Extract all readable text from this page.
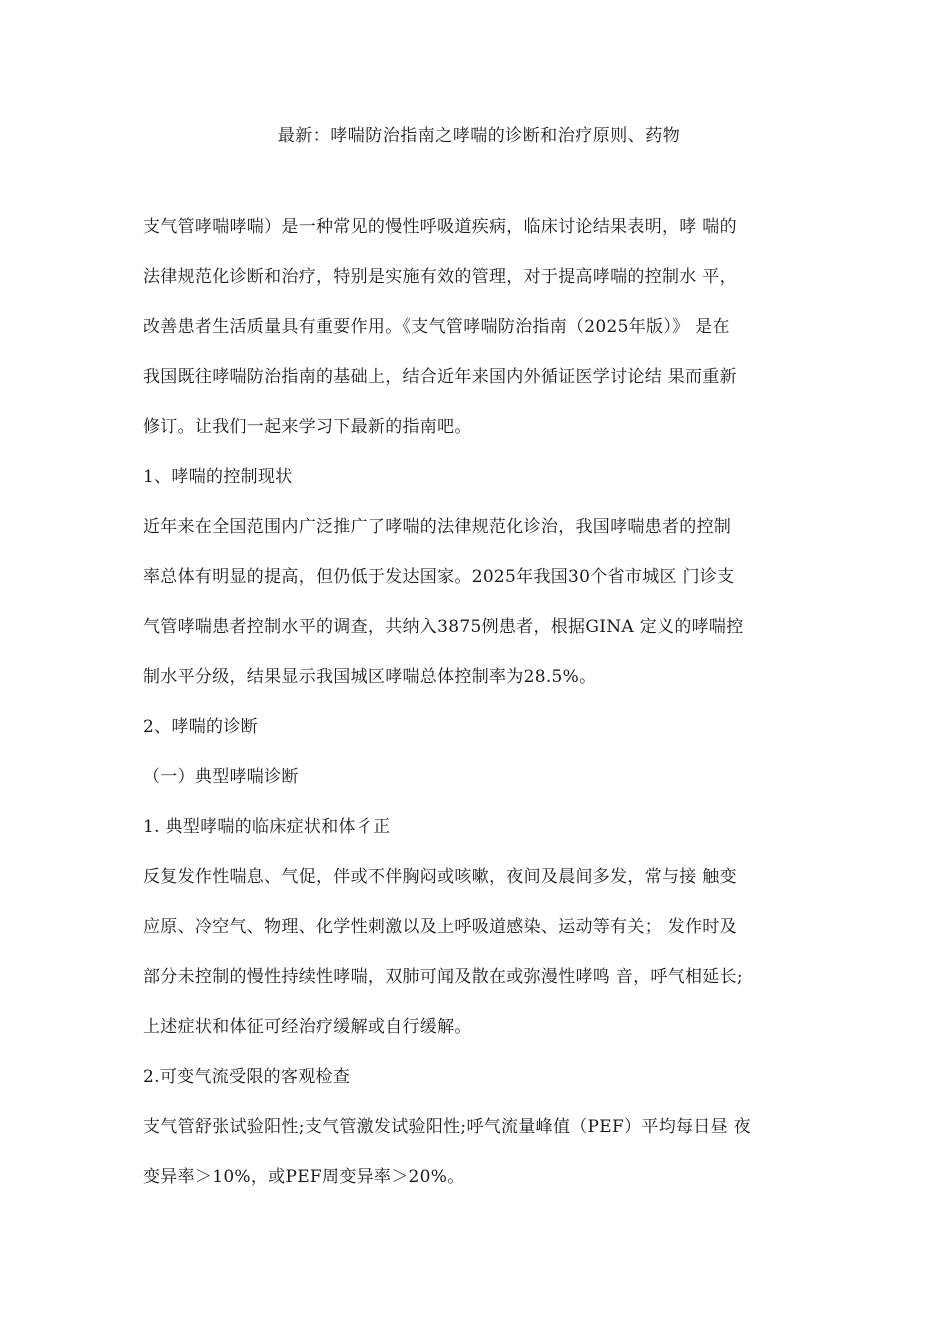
最新：哮喘防治指南之哮喘的诊断和治疗原则、药物
支气管哮喘哮喘）是一种常见的慢性呼吸道疾病，临床讨论结果表明，哮 喘的
法律规范化诊断和治疗，特别是实施有效的管理，对于提高哮喘的控制水 平，
改善患者生活质量具有重要作用。《支气管哮喘防治指南（2025年版）》 是在
我国既往哮喘防治指南的基础上，结合近年来国内外循证医学讨论结 果而重新
修订。让我们一起来学习下最新的指南吧。
1、哮喘的控制现状
近年来在全国范围内广泛推广了哮喘的法律规范化诊治，我国哮喘患者的控制
率总体有明显的提高，但仍低于发达国家。2025年我国30个省市城区 门诊支
气管哮喘患者控制水平的调查，共纳入3875例患者，根据GINA 定义的哮喘控
制水平分级，结果显示我国城区哮喘总体控制率为28.5%。
2、哮喘的诊断
（一）典型哮喘诊断
1. 典型哮喘的临床症状和体彳正
反复发作性喘息、气促，伴或不伴胸闷或咳嗽，夜间及晨间多发，常与接 触变
应原、冷空气、物理、化学性刺激以及上呼吸道感染、运动等有关； 发作时及
部分未控制的慢性持续性哮喘，双肺可闻及散在或弥漫性哮鸣 音，呼气相延长;
上述症状和体征可经治疗缓解或自行缓解。
2.可变气流受限的客观检查
支气管舒张试验阳性;支气管激发试验阳性;呼气流量峰值（PEF）平均每日昼 夜
变异率＞10%，或PEF周变异率＞20%。
